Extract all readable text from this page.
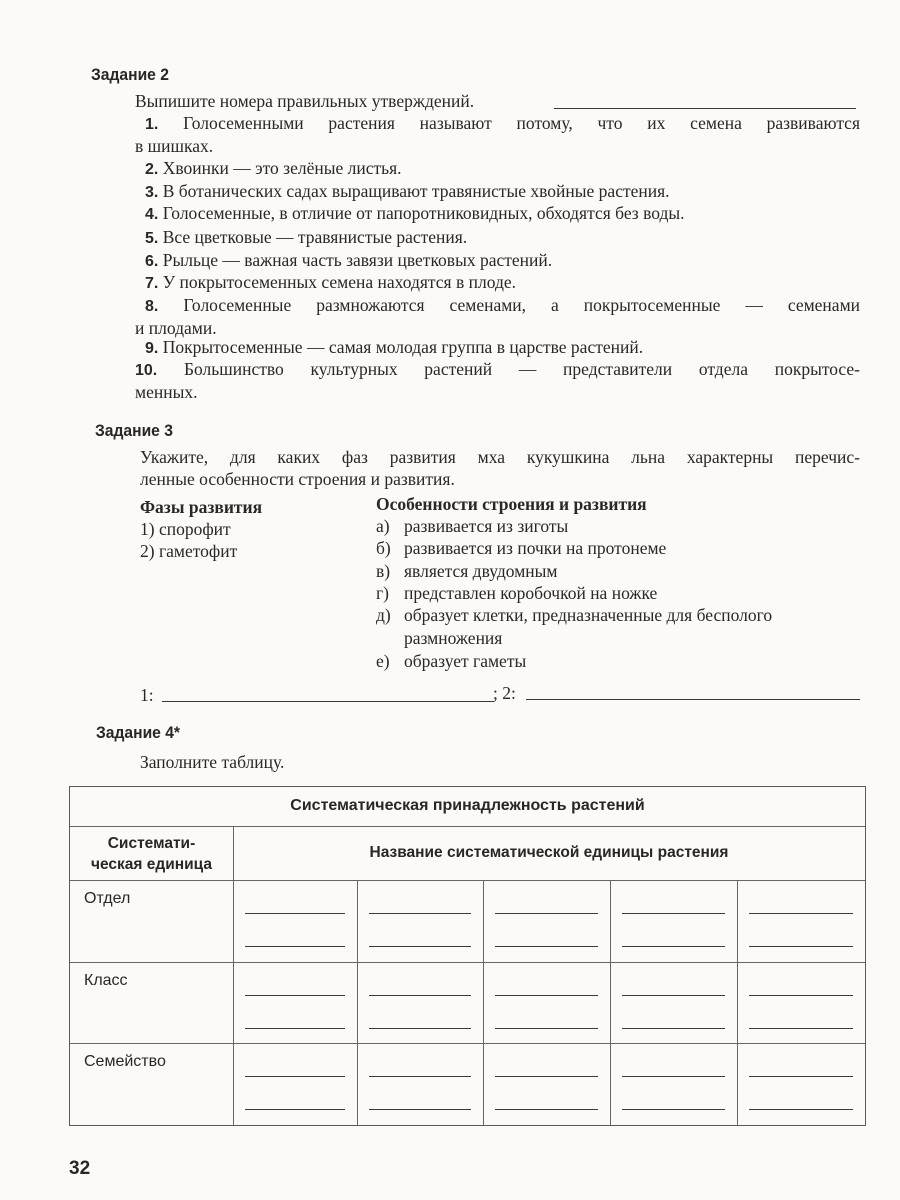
Задание 2
Выпишите номера правильных утверждений.
1. Голосеменными растения называют потому, что их семена развиваются
в шишках.
2. Хвоинки — это зелёные листья.
3. В ботанических садах выращивают травянистые хвойные растения.
4. Голосеменные, в отличие от папоротниковидных, обходятся без воды.
5. Все цветковые — травянистые растения.
6. Рыльце — важная часть завязи цветковых растений.
7. У покрытосеменных семена находятся в плоде.
8. Голосеменные размножаются семенами, а покрытосеменные — семенами
и плодами.
9. Покрытосеменные — самая молодая группа в царстве растений.
10. Большинство культурных растений — представители отдела покрытосе-
менных.
Задание 3
Укажите, для каких фаз развития мха кукушкина льна характерны перечис-
ленные особенности строения и развития.
Фазы развития
1) спорофит
2) гаметофит
Особенности строения и развития
а) развивается из зиготы
б) развивается из почки на протонеме
в) является двудомным
г) представлен коробочкой на ножке
д) образует клетки, предназначенные для бесполого
размножения
е) образует гаметы
1:	; 2:
Задание 4*
Заполните таблицу.
Систематическая принадлежность растений
Системати-
ческая единица
Название систематической единицы растения
Отдел
Класс
Семейство
32
